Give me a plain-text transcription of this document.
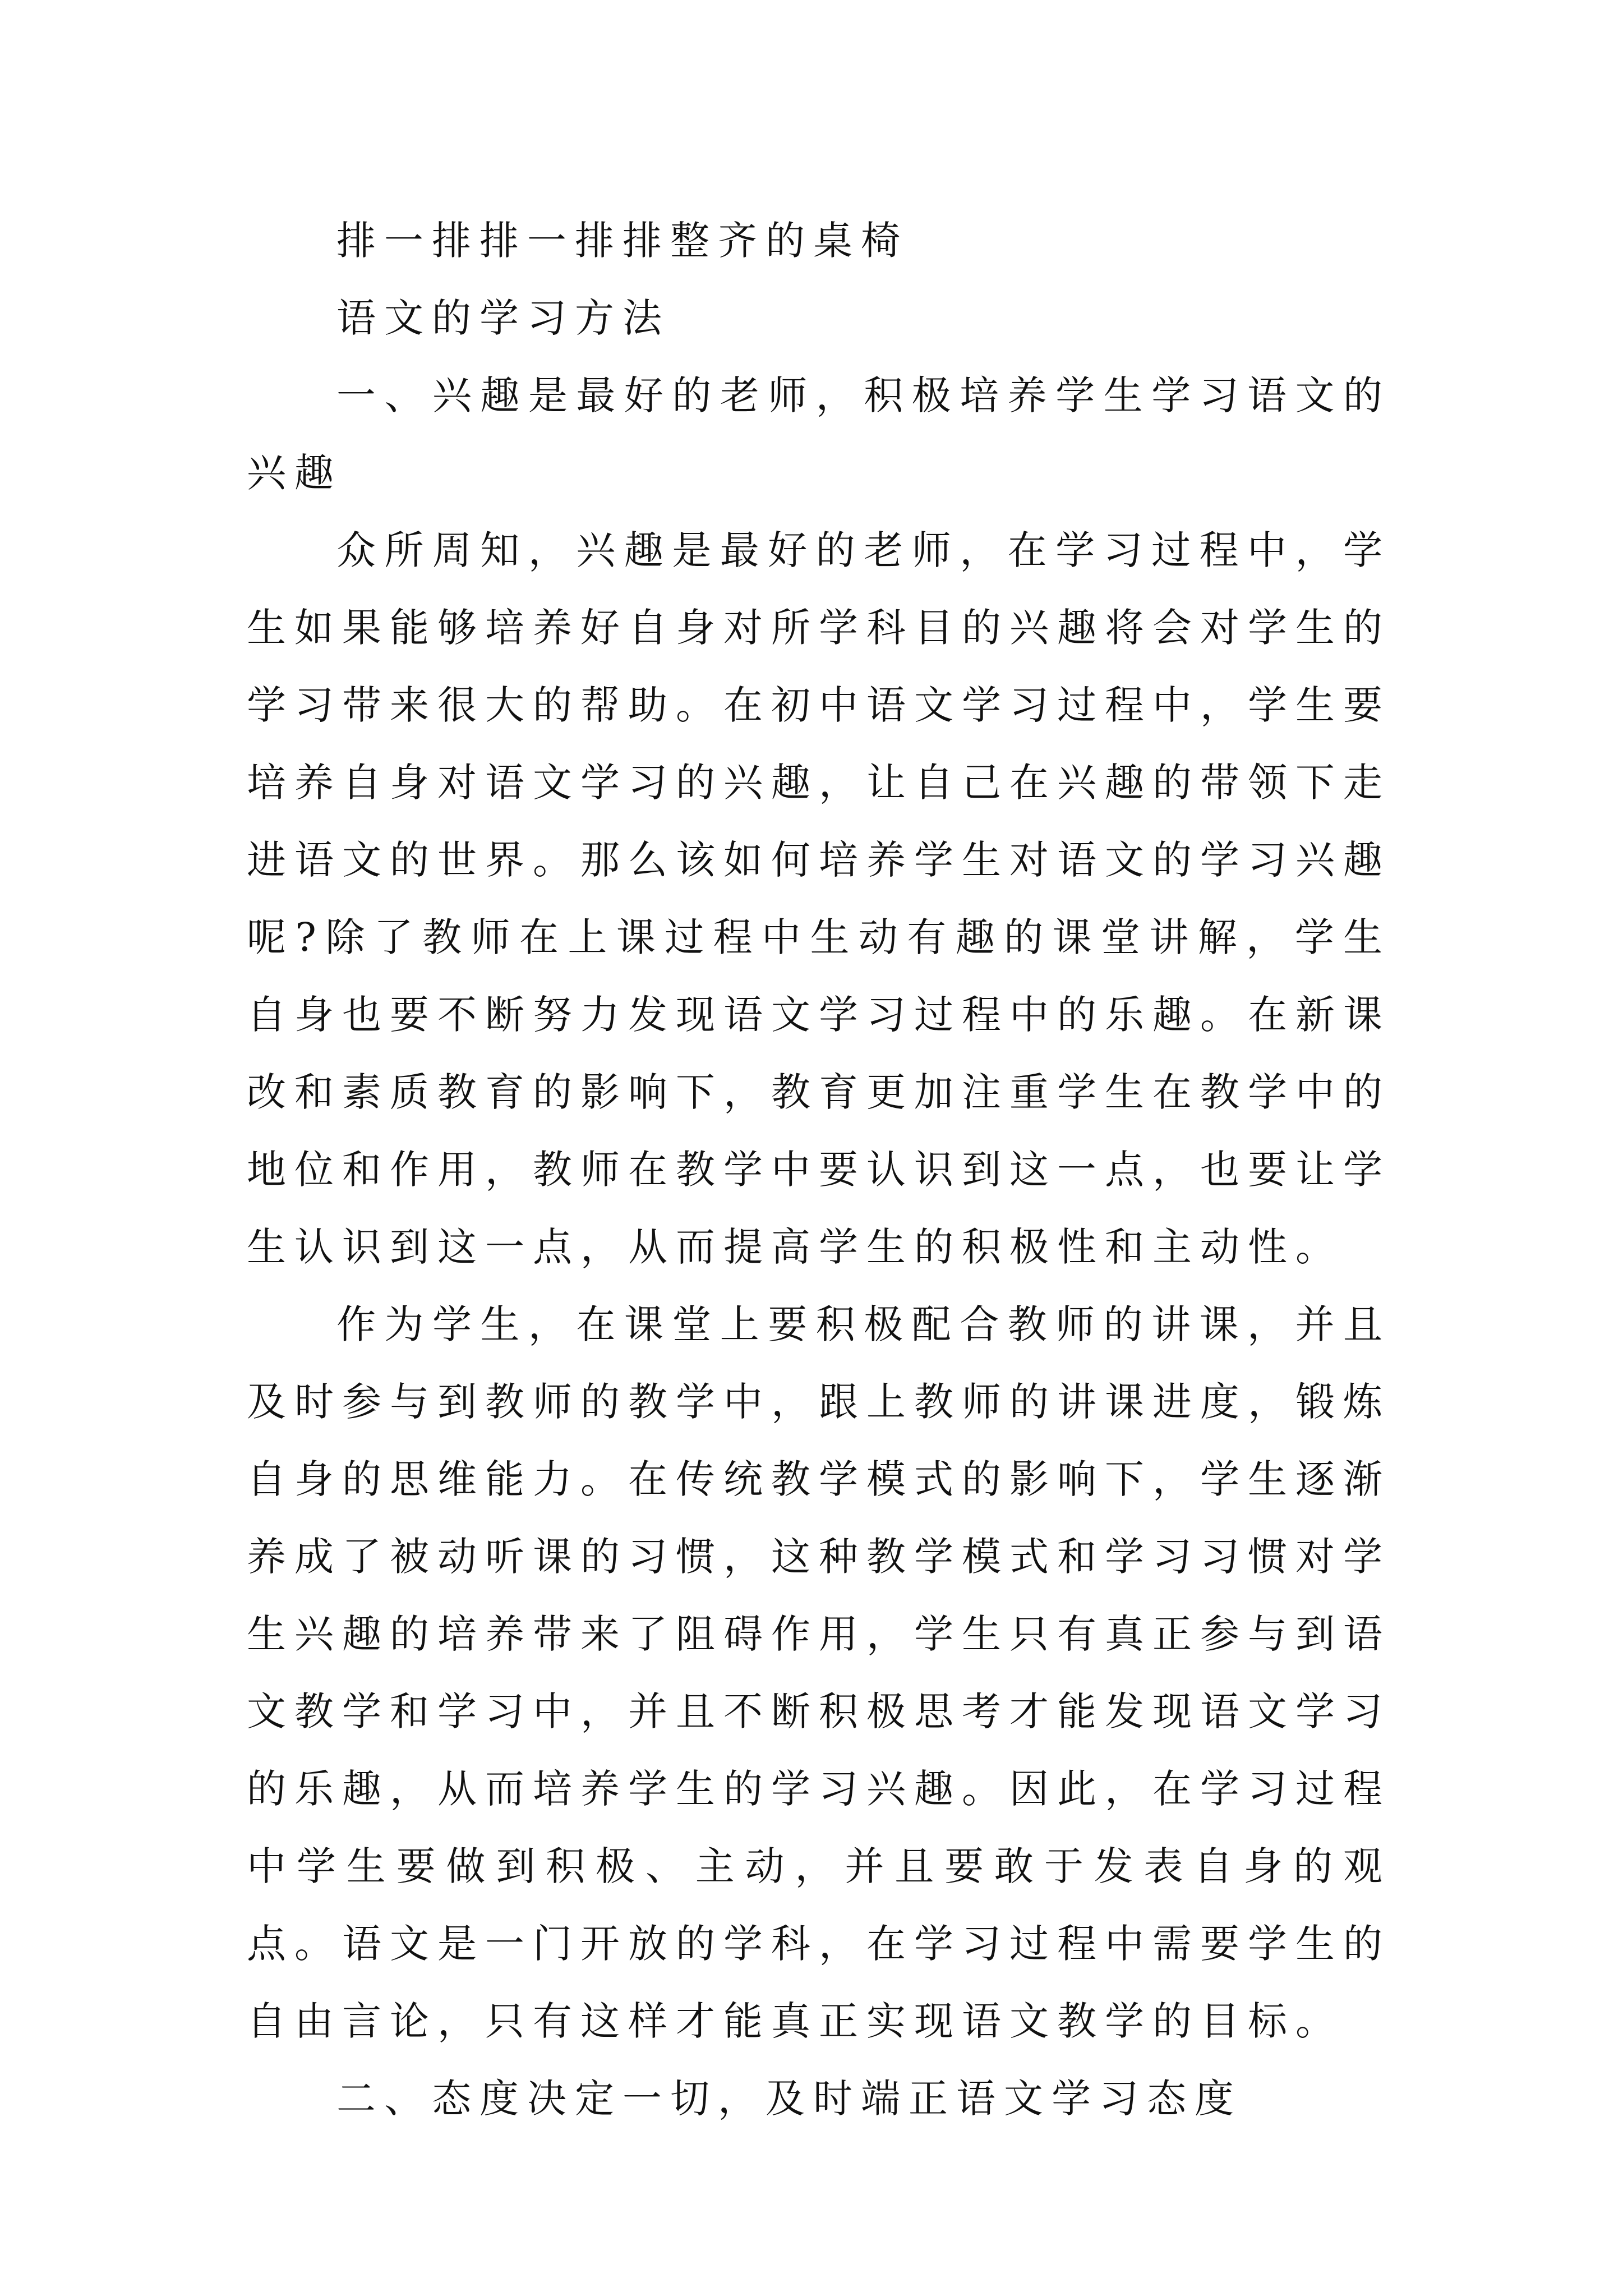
排一排排一排排整齐的桌椅

语文的学习方法

一、兴趣是最好的老师，积极培养学生学习语文的兴趣

众所周知，兴趣是最好的老师，在学习过程中，学生如果能够培养好自身对所学科目的兴趣将会对学生的学习带来很大的帮助。在初中语文学习过程中，学生要培养自身对语文学习的兴趣，让自己在兴趣的带领下走进语文的世界。那么该如何培养学生对语文的学习兴趣呢?除了教师在上课过程中生动有趣的课堂讲解，学生自身也要不断努力发现语文学习过程中的乐趣。在新课改和素质教育的影响下，教育更加注重学生在教学中的地位和作用，教师在教学中要认识到这一点，也要让学生认识到这一点，从而提高学生的积极性和主动性。

作为学生，在课堂上要积极配合教师的讲课，并且及时参与到教师的教学中，跟上教师的讲课进度，锻炼自身的思维能力。在传统教学模式的影响下，学生逐渐养成了被动听课的习惯，这种教学模式和学习习惯对学生兴趣的培养带来了阻碍作用，学生只有真正参与到语文教学和学习中，并且不断积极思考才能发现语文学习的乐趣，从而培养学生的学习兴趣。因此，在学习过程中学生要做到积极、主动，并且要敢于发表自身的观点。语文是一门开放的学科，在学习过程中需要学生的自由言论，只有这样才能真正实现语文教学的目标。

二、态度决定一切，及时端正语文学习态度
